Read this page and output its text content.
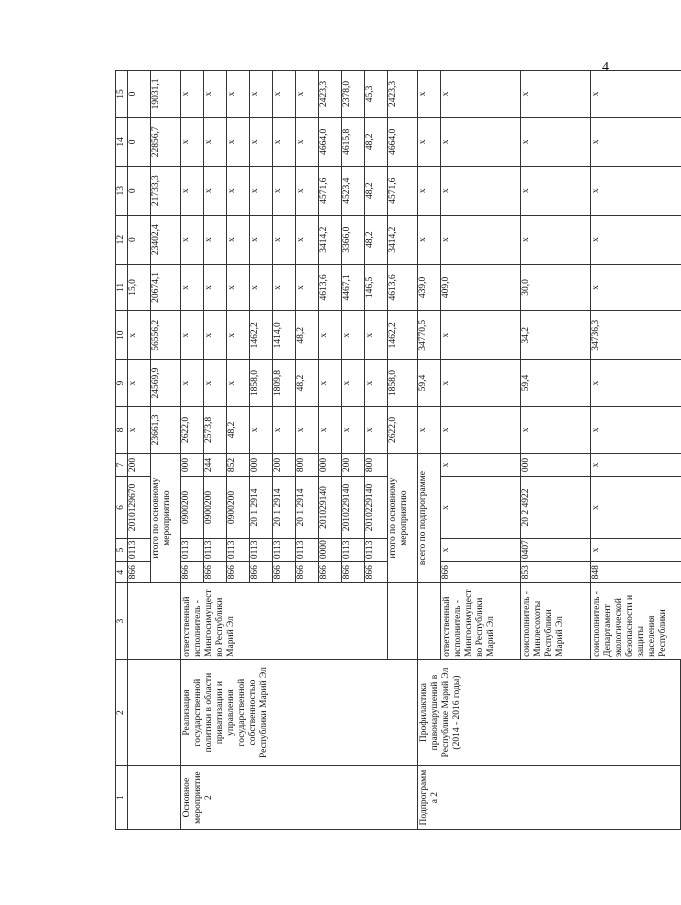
4
1	2	3	4	5	6	7	8	9	10	11	12	13	14	15
			866	0113	2010129670	200	x	x	x	15,0	0	0	0	0
			итого по основному мероприятию				23661,3	24569,9	56556,2	20674,1	23402,4	21733,3	22856,7	19031,1
Основное мероприятие 2	Реализация государственной политики в области приватизации и управления государственной собственностью Республики Марий Эл	ответственный исполнитель - Мингосимущество Республики Марий Эл	866	0113	0900200	000	2622,0	x	x	x	x	x	x	x
			866	0113	0900200	244	2573,8	x	x	x	x	x	x	x
			866	0113	0900200	852	48,2	x	x	x	x	x	x	x
			866	0113	20 1 2914	000	x	1858,0	1462,2	x	x	x	x	x
			866	0113	20 1 2914	200	x	1809,8	1414,0	x	x	x	x	x
			866	0113	20 1 2914	800	x	48,2	48,2	x	x	x	x	x
			866	0000	201029140	000	x	x	x	4613,6	3414,2	4571,6	4664,0	2423,3
			866	0113	2010229140	200	x	x	x	4467,1	3366,0	4523,4	4615,8	2378,0
			866	0113	2010229140	800	x	x	x	146,5	48,2	48,2	48,2	45,3
			итого по основному мероприятию				2622,0	1858,0	1462,2	4613,6	3414,2	4571,6	4664,0	2423,3
Подпрограмма 2	Профилактика правонарушений в Республике Марий Эл (2014 - 2016 годы)		всего по подпрограмме				x	59,4	34770,5	439,0	x	x	x	x
		ответственный исполнитель - Мингосимущество Республики Марий Эл	866	x	x	x	x	x	x	409,0	x	x	x	x
		соисполнитель - Минлесохоты Республики Марий Эл	853	0407	20 2 4922	000	x	59,4	34,2	30,0	x	x	x	x
		соисполнитель - Департамент экологической безопасности и защиты населения Республики	848	x	x	x	x	x	34736,3	x	x	x	x	x
